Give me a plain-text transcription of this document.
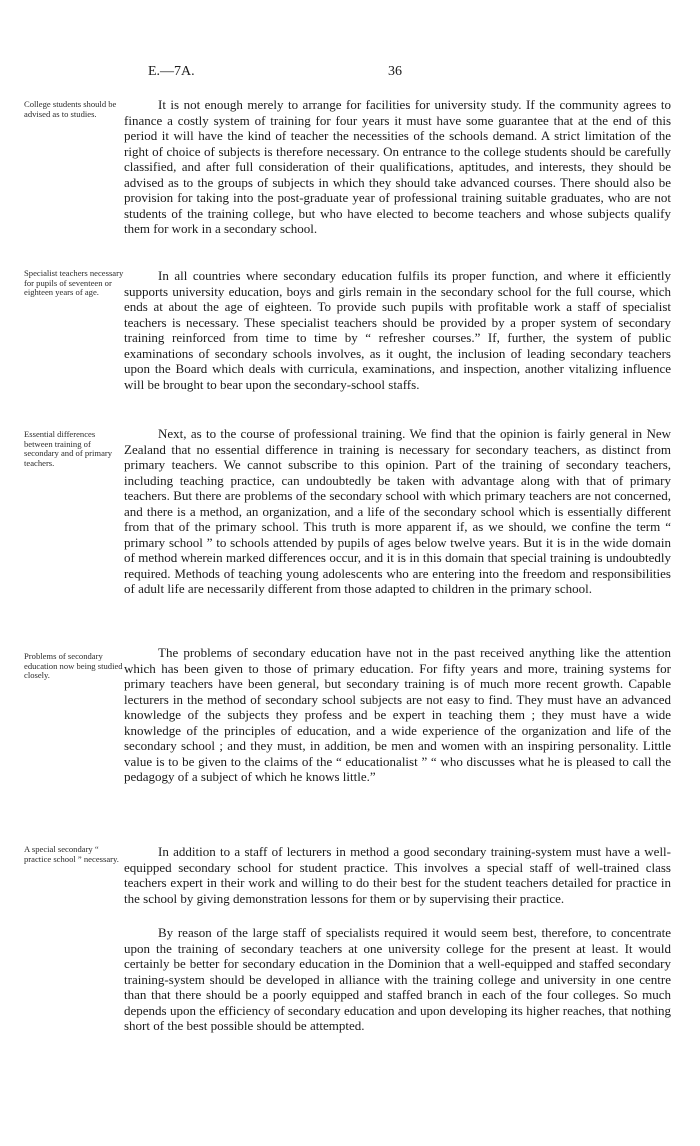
E.—7A.	36
College students should be advised as to studies.
Specialist teachers necessary for pupils of seventeen or eighteen years of age.
Essential differences between training of secondary and of primary teachers.
Problems of secondary education now being studied closely.
A special secondary “ practice school ” necessary.

It is not enough merely to arrange for facilities for university study. If the community agrees to finance a costly system of training for four years it must have some guarantee that at the end of this period it will have the kind of teacher the necessities of the schools demand. A strict limitation of the right of choice of subjects is therefore necessary. On entrance to the college students should be carefully classified, and after full consideration of their qualifications, aptitudes, and interests, they should be advised as to the groups of subjects in which they should take advanced courses. There should also be provision for taking into the post-graduate year of professional training suitable graduates, who are not students of the training college, but who have elected to become teachers and whose subjects qualify them for work in a secondary school.

In all countries where secondary education fulfils its proper function, and where it efficiently supports university education, boys and girls remain in the secondary school for the full course, which ends at about the age of eighteen. To provide such pupils with profitable work a staff of specialist teachers is necessary. These specialist teachers should be provided by a proper system of secondary training reinforced from time to time by “ refresher courses.” If, further, the system of public examinations of secondary schools involves, as it ought, the inclusion of leading secondary teachers upon the Board which deals with curricula, examinations, and inspection, another vitalizing influence will be brought to bear upon the secondary-school staffs.

Next, as to the course of professional training. We find that the opinion is fairly general in New Zealand that no essential difference in training is necessary for secondary teachers, as distinct from primary teachers. We cannot subscribe to this opinion. Part of the training of secondary teachers, including teaching practice, can undoubtedly be taken with advantage along with that of primary teachers. But there are problems of the secondary school with which primary teachers are not concerned, and there is a method, an organization, and a life of the secondary school which is essentially different from that of the primary school. This truth is more apparent if, as we should, we confine the term “ primary school ” to schools attended by pupils of ages below twelve years. But it is in the wide domain of method wherein marked differences occur, and it is in this domain that special training is undoubtedly required. Methods of teaching young adolescents who are entering into the freedom and responsibilities of adult life are necessarily different from those adapted to children in the primary school.

The problems of secondary education have not in the past received anything like the attention which has been given to those of primary education. For fifty years and more, training systems for primary teachers have been general, but secondary training is of much more recent growth. Capable lecturers in the method of secondary school subjects are not easy to find. They must have an advanced knowledge of the subjects they profess and be expert in teaching them ; they must have a wide knowledge of the principles of education, and a wide experience of the organization and life of the secondary school ; and they must, in addition, be men and women with an inspiring personality. Little value is to be given to the claims of the “ educationalist ” “ who discusses what he is pleased to call the pedagogy of a subject of which he knows little.”

In addition to a staff of lecturers in method a good secondary training-system must have a well-equipped secondary school for student practice. This involves a special staff of well-trained class teachers expert in their work and willing to do their best for the student teachers detailed for practice in the school by giving demonstration lessons for them or by supervising their practice.

By reason of the large staff of specialists required it would seem best, therefore, to concentrate upon the training of secondary teachers at one university college for the present at least. It would certainly be better for secondary education in the Dominion that a well-equipped and staffed secondary training-system should be developed in alliance with the training college and university in one centre than that there should be a poorly equipped and staffed branch in each of the four colleges. So much depends upon the efficiency of secondary education and upon developing its higher reaches, that nothing short of the best possible should be attempted.
